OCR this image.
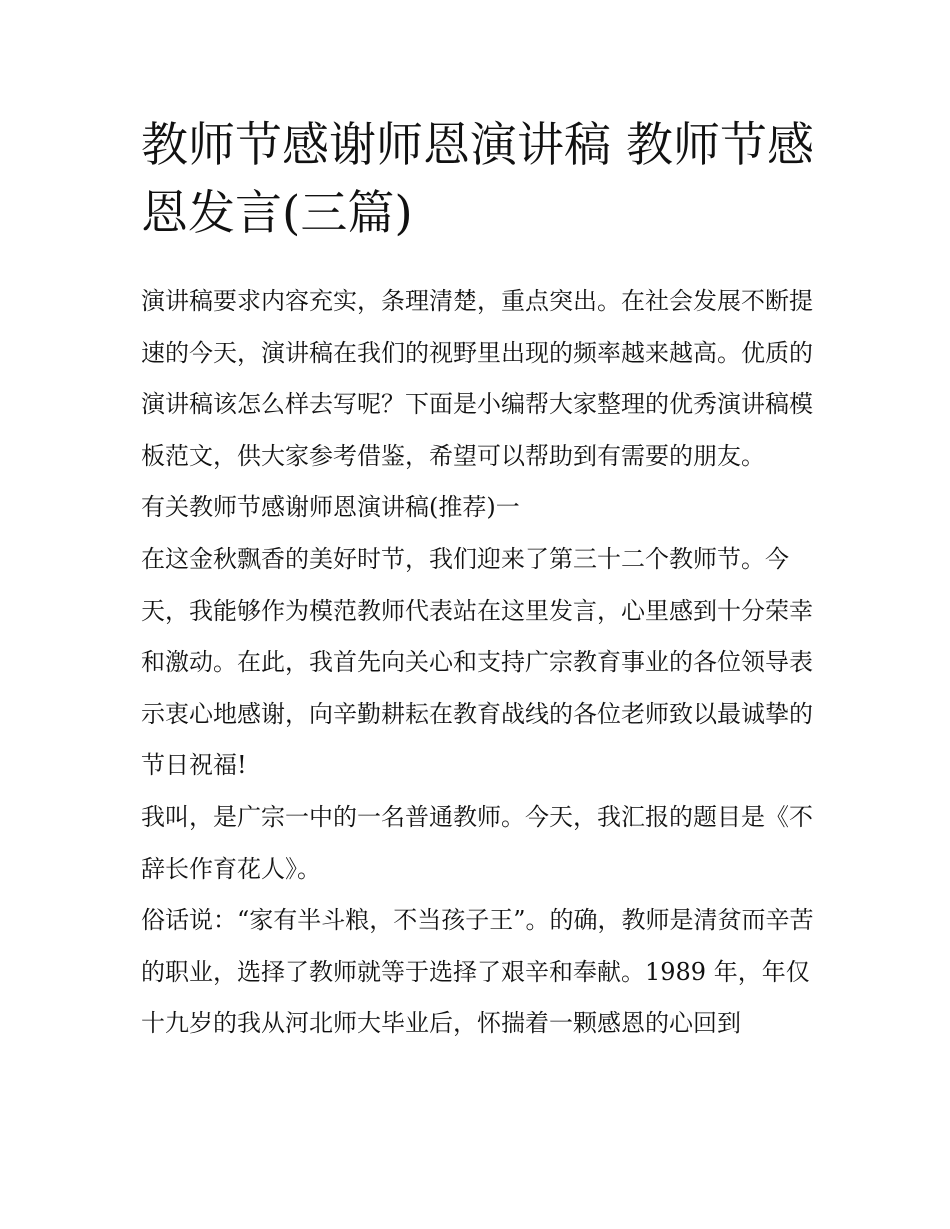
教师节感谢师恩演讲稿 教师节感恩发言(三篇)

演讲稿要求内容充实，条理清楚，重点突出。在社会发展不断提速的今天，演讲稿在我们的视野里出现的频率越来越高。优质的演讲稿该怎么样去写呢？下面是小编帮大家整理的优秀演讲稿模板范文，供大家参考借鉴，希望可以帮助到有需要的朋友。

有关教师节感谢师恩演讲稿(推荐)一

在这金秋飘香的美好时节，我们迎来了第三十二个教师节。今天，我能够作为模范教师代表站在这里发言，心里感到十分荣幸和激动。在此，我首先向关心和支持广宗教育事业的各位领导表示衷心地感谢，向辛勤耕耘在教育战线的各位老师致以最诚挚的节日祝福!

我叫，是广宗一中的一名普通教师。今天，我汇报的题目是《不辞长作育花人》。

俗话说：“家有半斗粮，不当孩子王”。的确，教师是清贫而辛苦的职业，选择了教师就等于选择了艰辛和奉献。1989 年，年仅十九岁的我从河北师大毕业后，怀揣着一颗感恩的心回到
